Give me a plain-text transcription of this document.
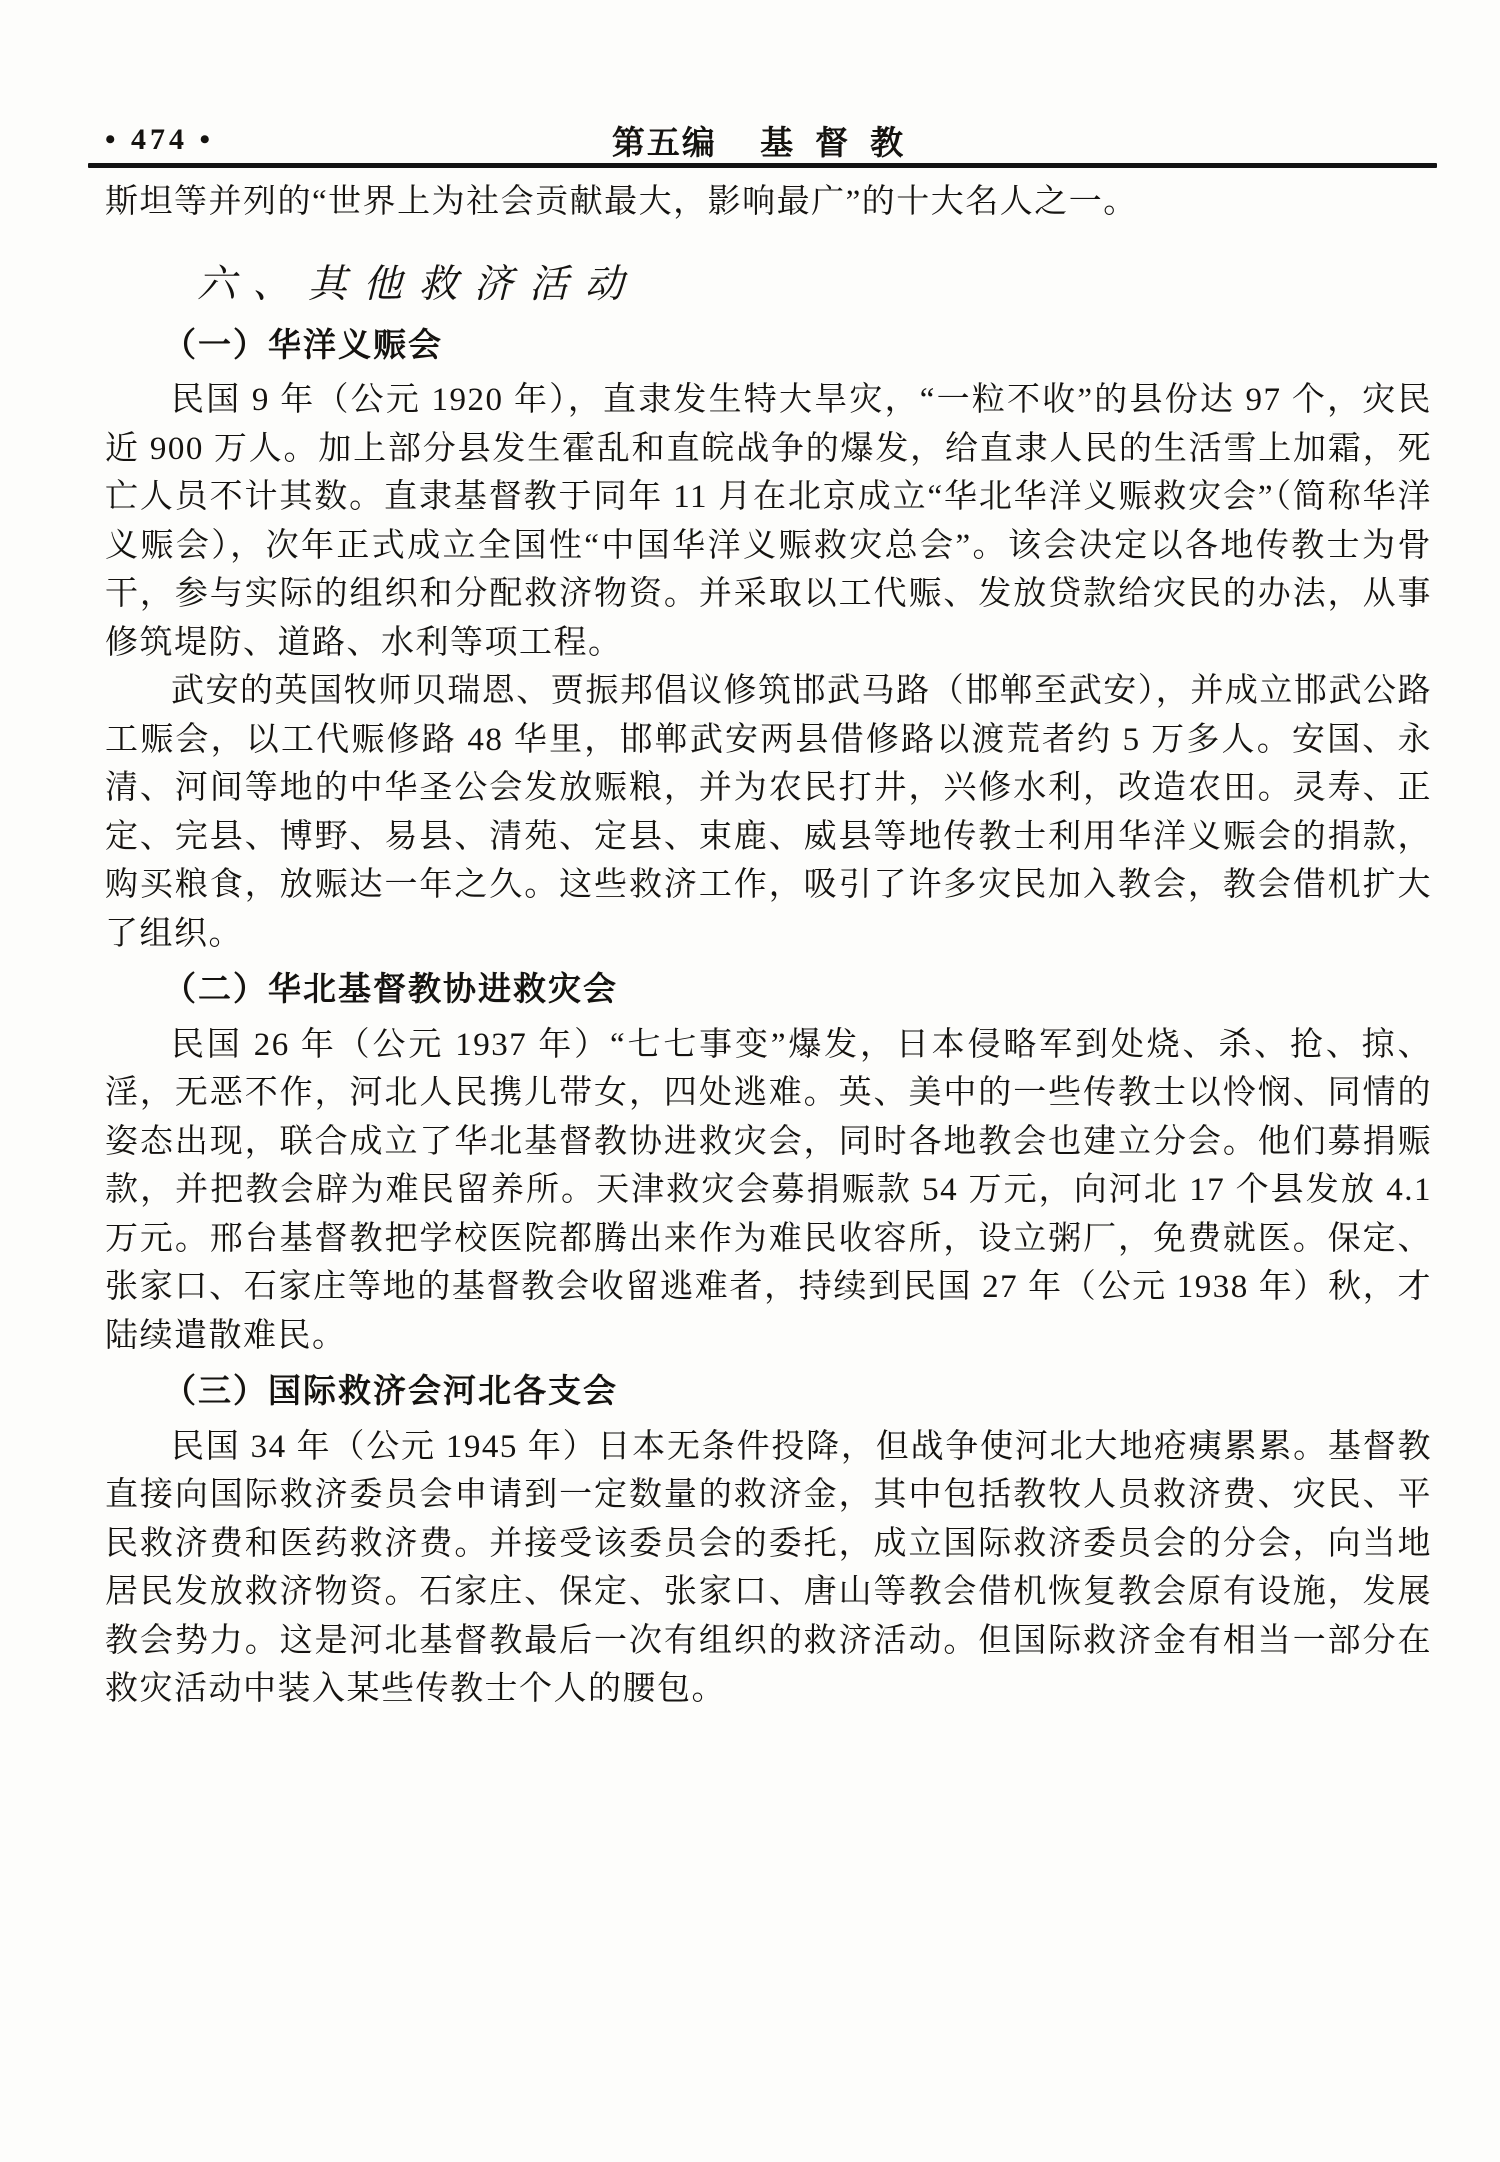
• 474 •	第五编 基督教

斯坦等并列的“世界上为社会贡献最大，影响最广”的十大名人之一。

六、其他救济活动
（一）华洋义赈会

民国 9 年（公元 1920 年），直隶发生特大旱灾，“一粒不收”的县份达 97 个，灾民近 900 万人。加上部分县发生霍乱和直皖战争的爆发，给直隶人民的生活雪上加霜，死亡人员不计其数。直隶基督教于同年 11 月在北京成立“华北华洋义赈救灾会”（简称华洋义赈会），次年正式成立全国性“中国华洋义赈救灾总会”。该会决定以各地传教士为骨干，参与实际的组织和分配救济物资。并采取以工代赈、发放贷款给灾民的办法，从事修筑堤防、道路、水利等项工程。

武安的英国牧师贝瑞恩、贾振邦倡议修筑邯武马路（邯郸至武安），并成立邯武公路工赈会，以工代赈修路 48 华里，邯郸武安两县借修路以渡荒者约 5 万多人。安国、永清、河间等地的中华圣公会发放赈粮，并为农民打井，兴修水利，改造农田。灵寿、正定、完县、博野、易县、清苑、定县、束鹿、威县等地传教士利用华洋义赈会的捐款，购买粮食，放赈达一年之久。这些救济工作，吸引了许多灾民加入教会，教会借机扩大了组织。

（二）华北基督教协进救灾会

民国 26 年（公元 1937 年）“七七事变”爆发，日本侵略军到处烧、杀、抢、掠、淫，无恶不作，河北人民携儿带女，四处逃难。英、美中的一些传教士以怜悯、同情的姿态出现，联合成立了华北基督教协进救灾会，同时各地教会也建立分会。他们募捐赈款，并把教会辟为难民留养所。天津救灾会募捐赈款 54 万元，向河北 17 个县发放 4.1 万元。邢台基督教把学校医院都腾出来作为难民收容所，设立粥厂，免费就医。保定、张家口、石家庄等地的基督教会收留逃难者，持续到民国 27 年（公元 1938 年）秋，才陆续遣散难民。

（三）国际救济会河北各支会

民国 34 年（公元 1945 年）日本无条件投降，但战争使河北大地疮痍累累。基督教直接向国际救济委员会申请到一定数量的救济金，其中包括教牧人员救济费、灾民、平民救济费和医药救济费。并接受该委员会的委托，成立国际救济委员会的分会，向当地居民发放救济物资。石家庄、保定、张家口、唐山等教会借机恢复教会原有设施，发展教会势力。这是河北基督教最后一次有组织的救济活动。但国际救济金有相当一部分在救灾活动中装入某些传教士个人的腰包。
